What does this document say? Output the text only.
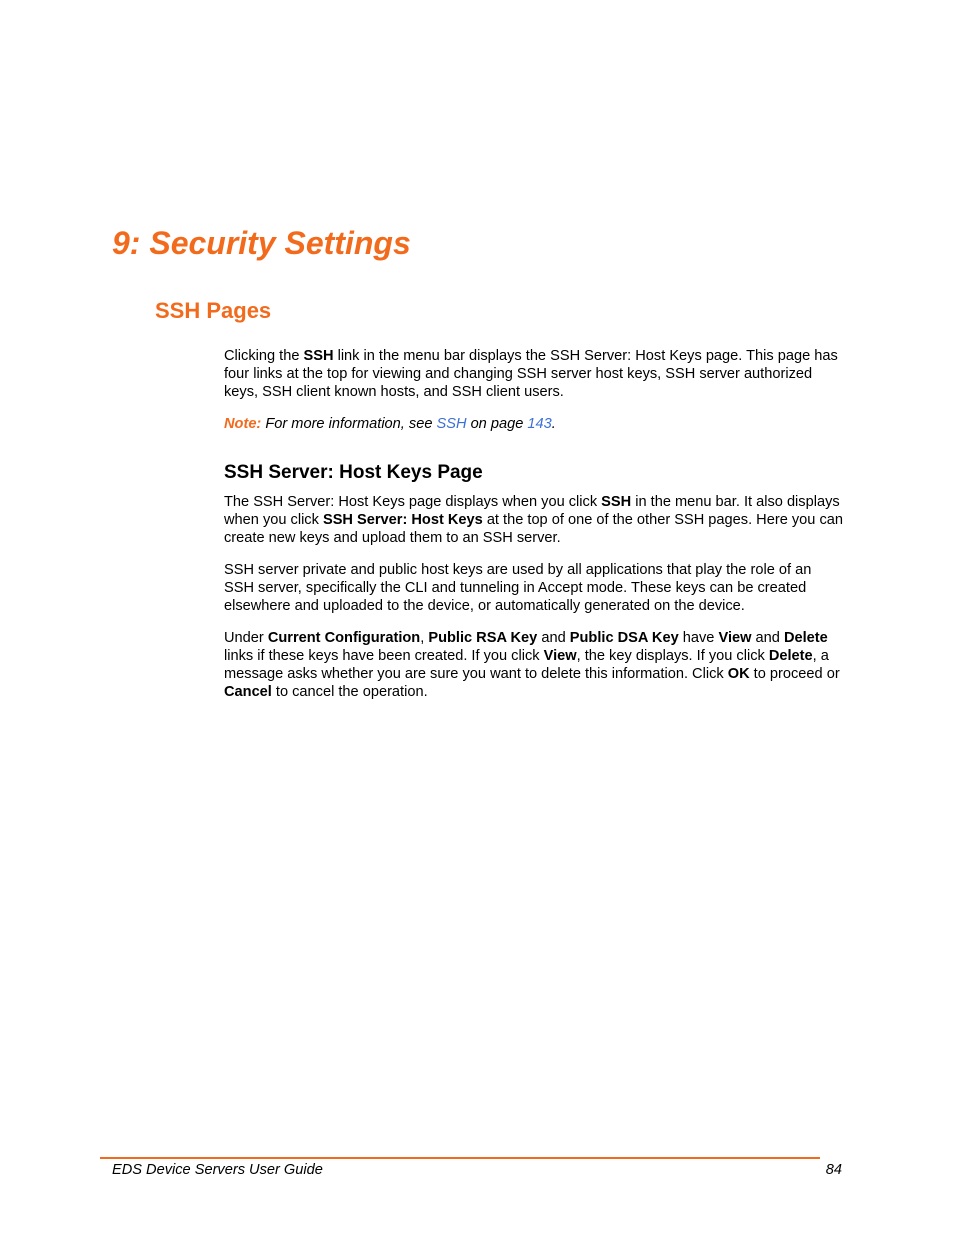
9: Security Settings
SSH Pages

Clicking the SSH link in the menu bar displays the SSH Server: Host Keys page. This page has four links at the top for viewing and changing SSH server host keys, SSH server authorized keys, SSH client known hosts, and SSH client users.

Note: For more information, see SSH on page 143.

SSH Server: Host Keys Page

The SSH Server: Host Keys page displays when you click SSH in the menu bar. It also displays when you click SSH Server: Host Keys at the top of one of the other SSH pages. Here you can create new keys and upload them to an SSH server.

SSH server private and public host keys are used by all applications that play the role of an SSH server, specifically the CLI and tunneling in Accept mode. These keys can be created elsewhere and uploaded to the device, or automatically generated on the device.

Under Current Configuration, Public RSA Key and Public DSA Key have View and Delete links if these keys have been created. If you click View, the key displays. If you click Delete, a message asks whether you are sure you want to delete this information. Click OK to proceed or Cancel to cancel the operation.

EDS Device Servers User Guide	84
